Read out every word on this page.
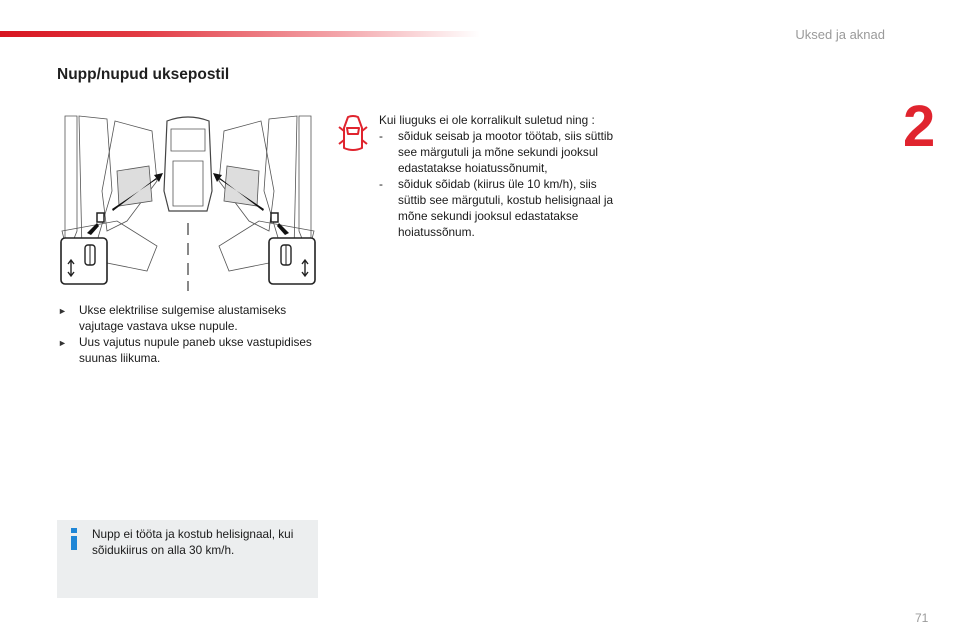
Uksed ja aknad
2
Nupp/nupud uksepostil
► Ukse elektrilise sulgemise alustamiseks vajutage vastava ukse nupule.
► Uus vajutus nupule paneb ukse vastupidises suunas liikuma.

Kui liuguks ei ole korralikult suletud ning :

- sõiduk seisab ja mootor töötab, siis süttib see märgutuli ja mõne sekundi jooksul edastatakse hoiatussõnumit,
- sõiduk sõidab (kiirus üle 10 km/h), siis süttib see märgutuli, kostub helisignaal ja mõne sekundi jooksul edastatakse hoiatussõnum.
Nupp ei tööta ja kostub helisignaal, kui sõidukiirus on alla 30 km/h.
71
